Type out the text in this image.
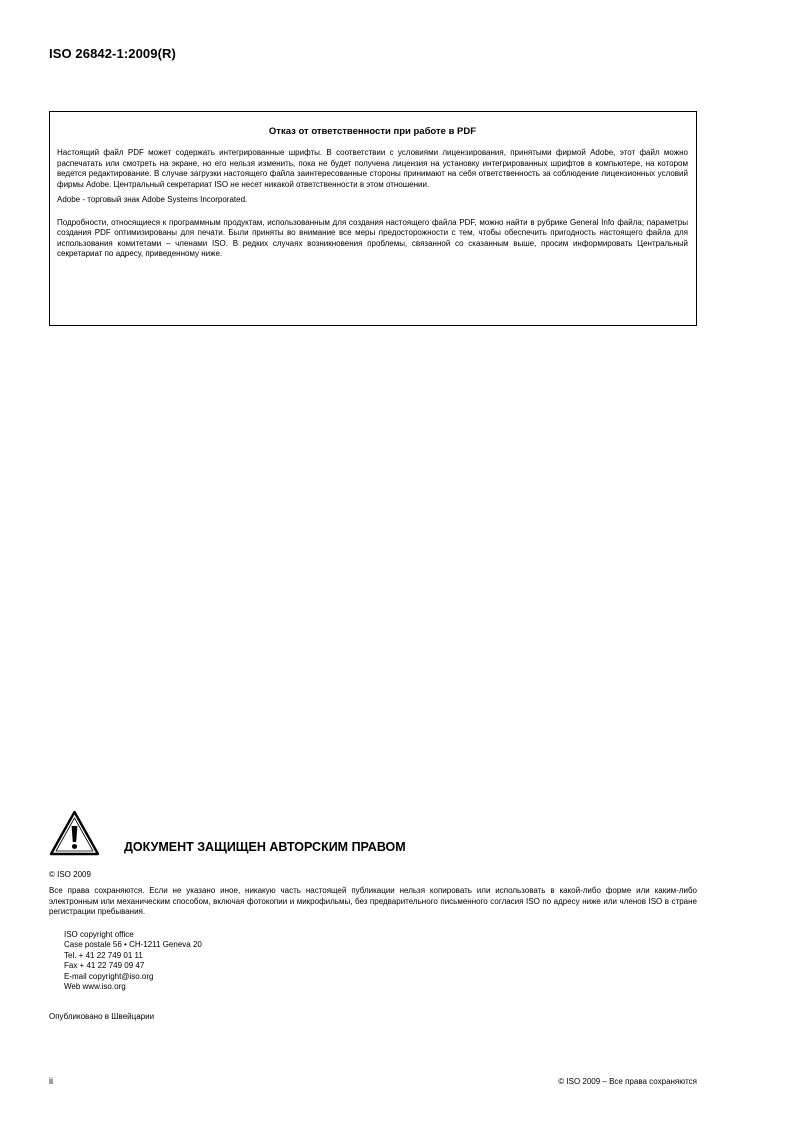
ISO 26842-1:2009(R)
Отказ от ответственности при работе в PDF

Настоящий файл PDF может содержать интегрированные шрифты. В соответствии с условиями лицензирования, принятыми фирмой Adobe, этот файл можно распечатать или смотреть на экране, но его нельзя изменить, пока не будет получена лицензия на установку интегрированных шрифтов в компьютере, на котором ведется редактирование. В случае загрузки настоящего файла заинтересованные стороны принимают на себя ответственность за соблюдение лицензионных условий фирмы Adobe. Центральный секретариат ISO не несет никакой ответственности в этом отношении.

Adobe - торговый знак Adobe Systems Incorporated.

Подробности, относящиеся к программным продуктам, использованным для создания настоящего файла PDF, можно найти в рубрике General Info файла; параметры создания PDF оптимизированы для печати. Были приняты во внимание все меры предосторожности с тем, чтобы обеспечить пригодность настоящего файла для использования комитетами – членами ISO. В редких случаях возникновения проблемы, связанной со сказанным выше, просим информировать Центральный секретариат по адресу, приведенному ниже.

ДОКУМЕНТ ЗАЩИЩЕН АВТОРСКИМ ПРАВОМ
© ISO 2009

Все права сохраняются. Если не указано иное, никакую часть настоящей публикации нельзя копировать или использовать в какой-либо форме или каким-либо электронным или механическим способом, включая фотокопии и микрофильмы, без предварительного письменного согласия ISO по адресу ниже или членов ISO в стране регистрации пребывания.

ISO copyright office
Case postale 56 • CH-1211 Geneva 20
Tel. + 41 22 749 01 11
Fax + 41 22 749 09 47
E-mail copyright@iso.org
Web www.iso.org
Опубликовано в Швейцарии
ii	© ISO 2009 – Все права сохраняются
